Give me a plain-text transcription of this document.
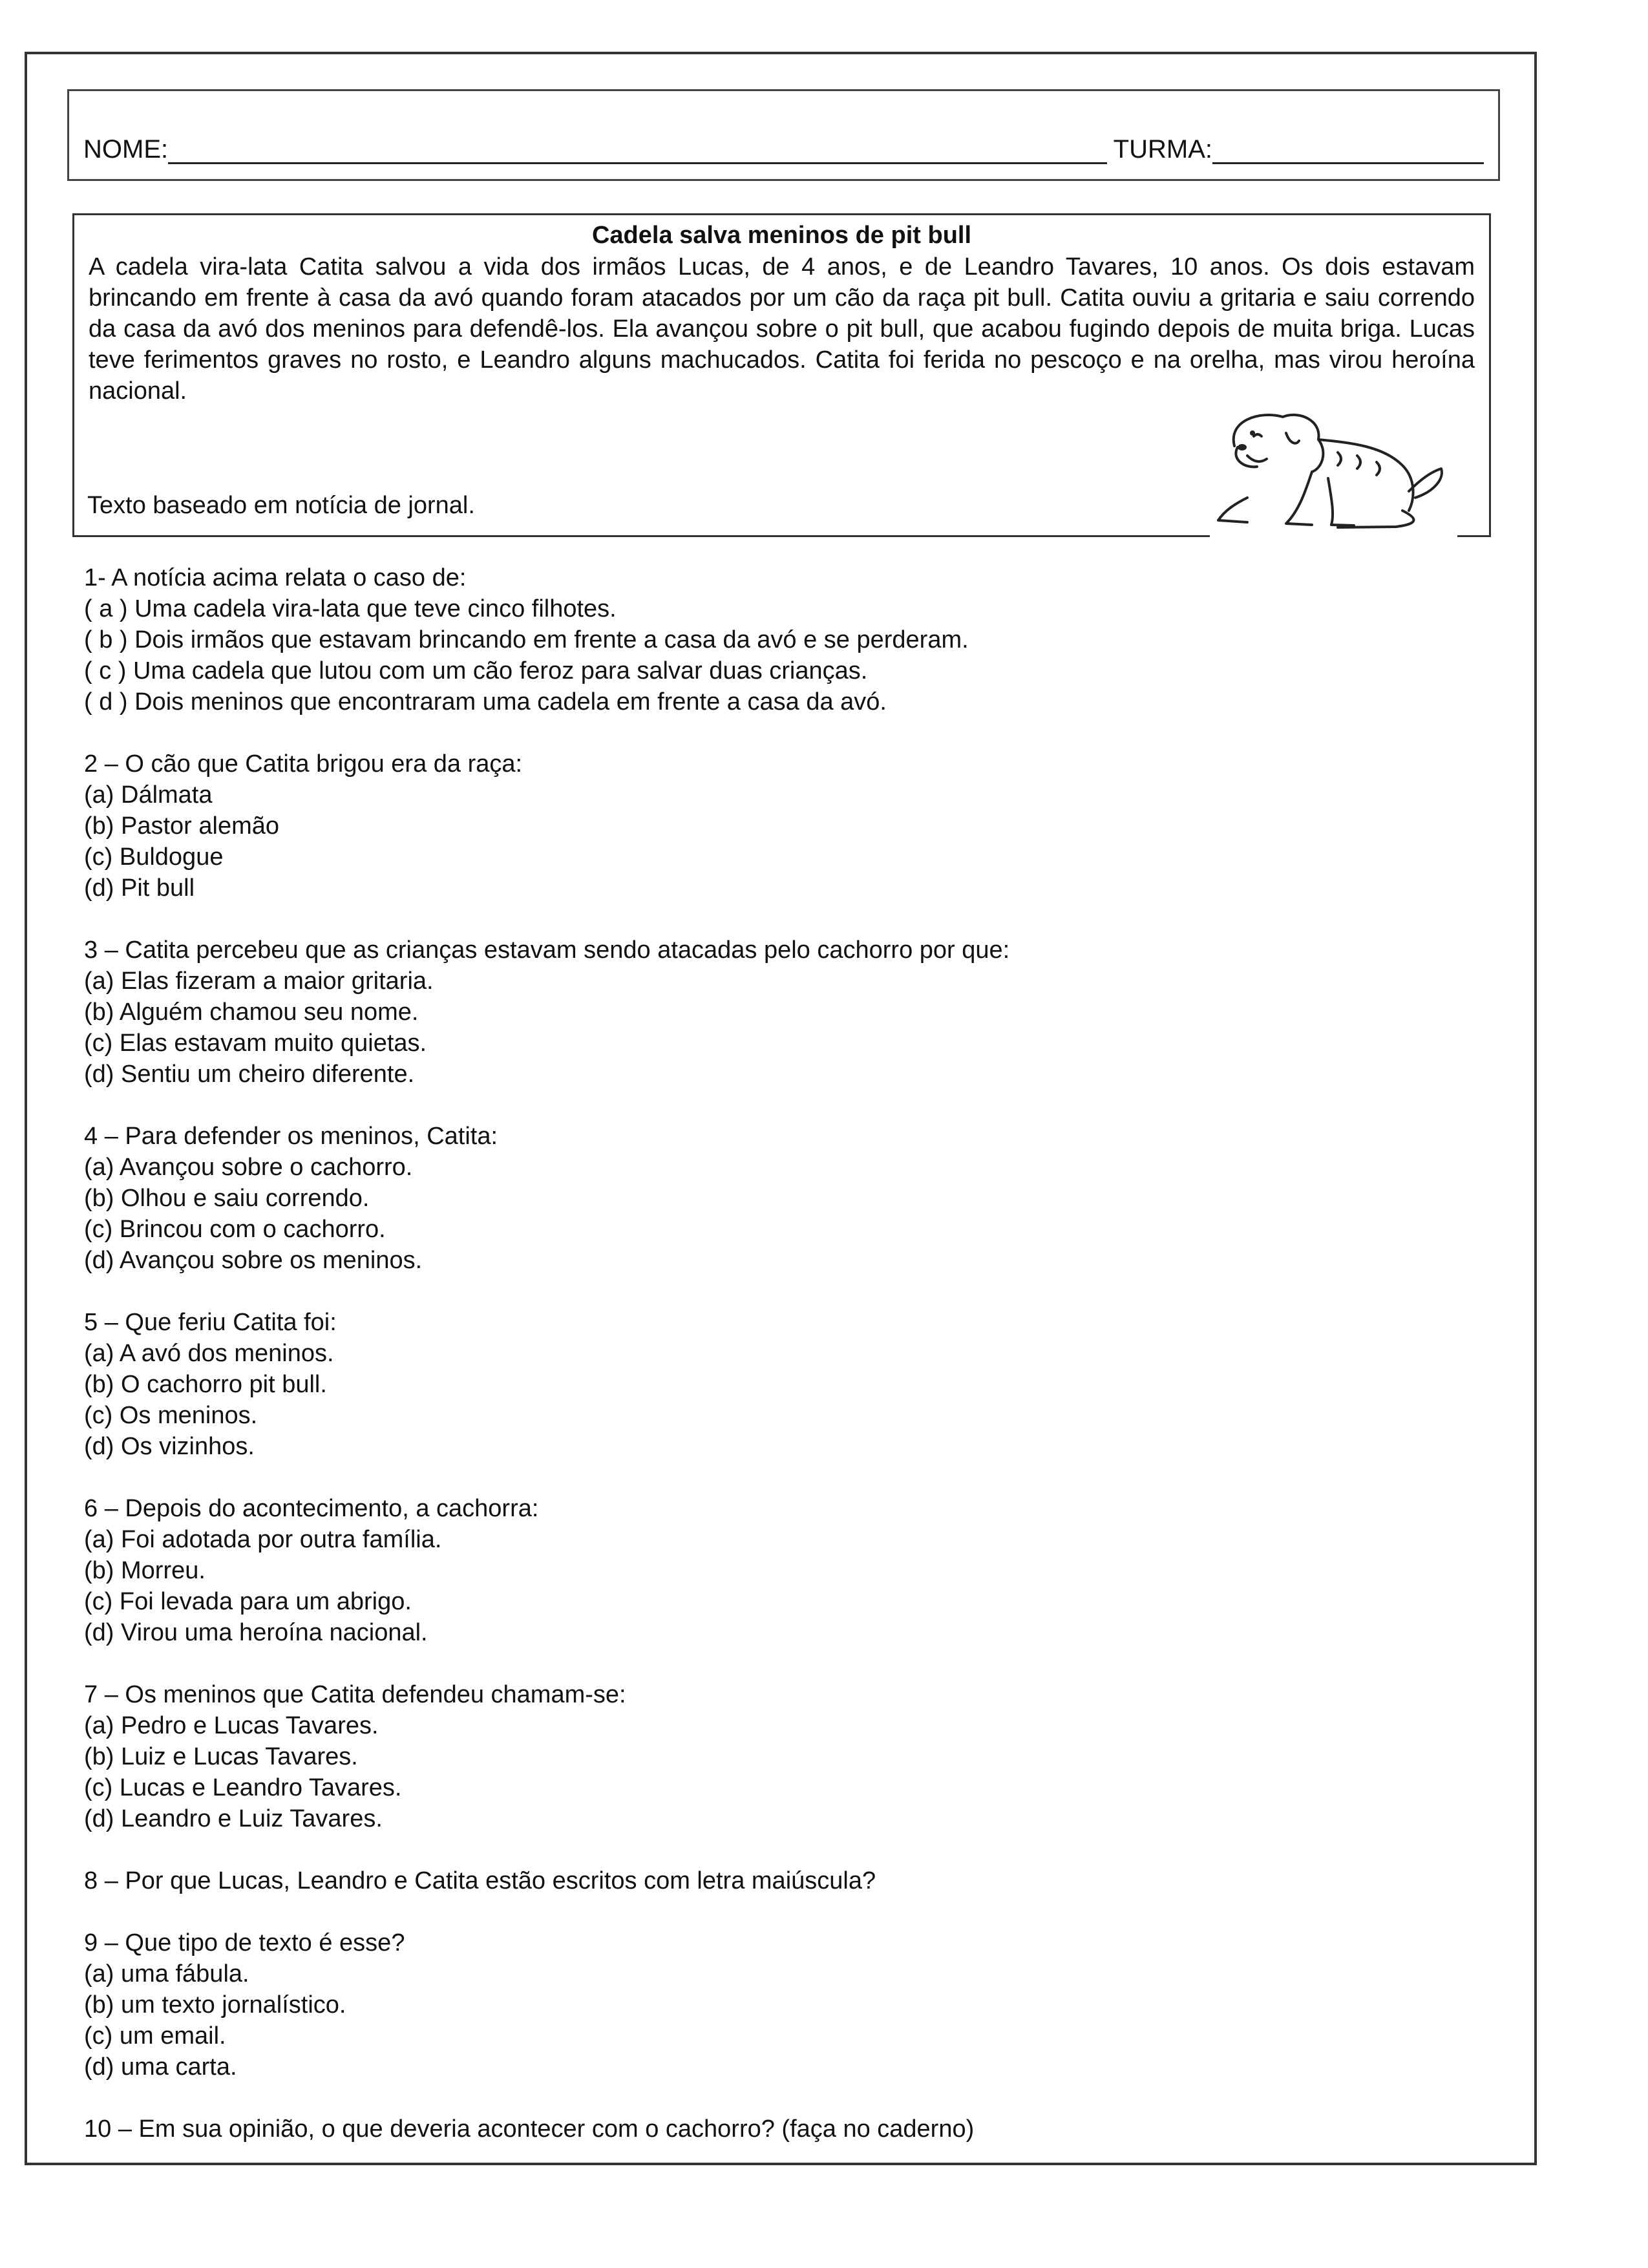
NOME:	TURMA:
Cadela salva meninos de pit bull

A cadela vira-lata Catita salvou a vida dos irmãos Lucas, de 4 anos, e de Leandro Tavares, 10 anos. Os dois estavam brincando em frente à casa da avó quando foram atacados por um cão da raça pit bull. Catita ouviu a gritaria e saiu correndo da casa da avó dos meninos para defendê-los. Ela avançou sobre o pit bull, que acabou fugindo depois de muita briga. Lucas teve ferimentos graves no rosto, e Leandro alguns machucados. Catita foi ferida no pescoço e na orelha, mas virou heroína nacional.

Texto baseado em notícia de jornal.

1- A notícia acima relata o caso de:

( a ) Uma cadela vira-lata que teve cinco filhotes.

( b ) Dois irmãos que estavam brincando em frente a casa da avó e se perderam.

( c ) Uma cadela que lutou com um cão feroz para salvar duas crianças.

( d ) Dois meninos que encontraram uma cadela em frente a casa da avó.

2 – O cão que Catita brigou era da raça:

(a) Dálmata

(b) Pastor alemão

(c) Buldogue

(d) Pit bull

3 – Catita percebeu que as crianças estavam sendo atacadas pelo cachorro por que:

(a) Elas fizeram a maior gritaria.

(b) Alguém chamou seu nome.

(c) Elas estavam muito quietas.

(d) Sentiu um cheiro diferente.

4 – Para defender os meninos, Catita:

(a) Avançou sobre o cachorro.

(b) Olhou e saiu correndo.

(c) Brincou com o cachorro.

(d) Avançou sobre os meninos.

5 – Que feriu Catita foi:

(a) A avó dos meninos.

(b) O cachorro pit bull.

(c) Os meninos.

(d) Os vizinhos.

6 – Depois do acontecimento, a cachorra:

(a) Foi adotada por outra família.

(b) Morreu.

(c) Foi levada para um abrigo.

(d) Virou uma heroína nacional.

7 – Os meninos que Catita defendeu chamam-se:

(a) Pedro e Lucas Tavares.

(b) Luiz e Lucas Tavares.

(c) Lucas e Leandro Tavares.

(d) Leandro e Luiz Tavares.

8 – Por que Lucas, Leandro e Catita estão escritos com letra maiúscula?

9 – Que tipo de texto é esse?

(a) uma fábula.

(b) um texto jornalístico.

(c) um email.

(d) uma carta.

10 – Em sua opinião, o que deveria acontecer com o cachorro? (faça no caderno)
